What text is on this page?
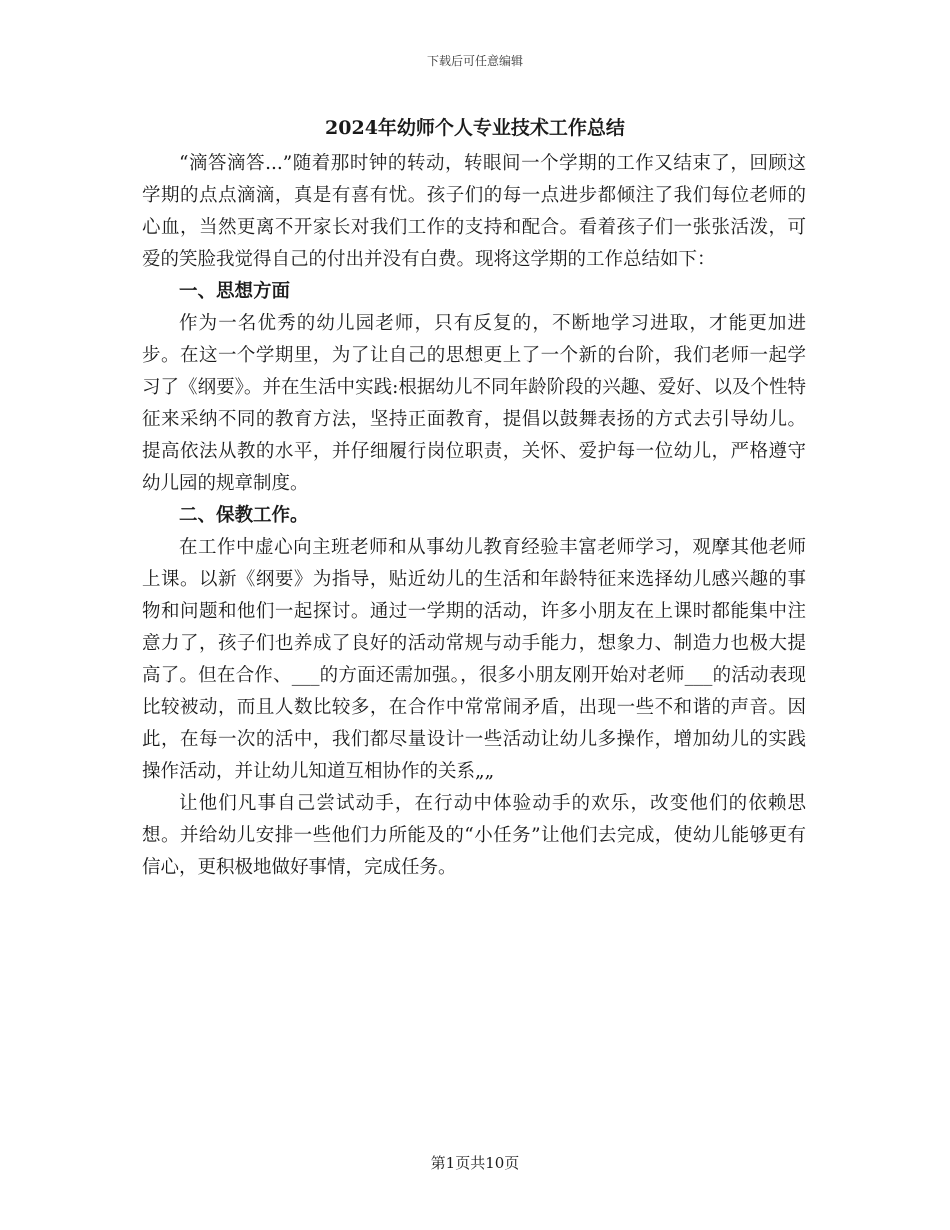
下载后可任意编辑
2024年幼师个人专业技术工作总结

“滴答滴答...”随着那时钟的转动，转眼间一个学期的工作又结束了，回顾这学期的点点滴滴，真是有喜有忧。孩子们的每一点进步都倾注了我们每位老师的心血，当然更离不开家长对我们工作的支持和配合。看着孩子们一张张活泼，可爱的笑脸我觉得自己的付出并没有白费。现将这学期的工作总结如下：

一、思想方面

作为一名优秀的幼儿园老师，只有反复的，不断地学习进取，才能更加进步。在这一个学期里，为了让自己的思想更上了一个新的台阶，我们老师一起学习了《纲要》。并在生活中实践:根据幼儿不同年龄阶段的兴趣、爱好、以及个性特征来采纳不同的教育方法，坚持正面教育，提倡以鼓舞表扬的方式去引导幼儿。提高依法从教的水平，并仔细履行岗位职责，关怀、爱护每一位幼儿，严格遵守幼儿园的规章制度。

二、保教工作。

在工作中虚心向主班老师和从事幼儿教育经验丰富老师学习，观摩其他老师上课。以新《纲要》为指导，贴近幼儿的生活和年龄特征来选择幼儿感兴趣的事物和问题和他们一起探讨。通过一学期的活动，许多小朋友在上课时都能集中注意力了，孩子们也养成了良好的活动常规与动手能力，想象力、制造力也极大提高了。但在合作、___的方面还需加强。，很多小朋友刚开始对老师___的活动表现比较被动，而且人数比较多，在合作中常常闹矛盾，出现一些不和谐的声音。因此，在每一次的活中，我们都尽量设计一些活动让幼儿多操作，增加幼儿的实践操作活动，并让幼儿知道互相协作的关系„„

让他们凡事自己尝试动手，在行动中体验动手的欢乐，改变他们的依赖思想。并给幼儿安排一些他们力所能及的“小任务”让他们去完成，使幼儿能够更有信心，更积极地做好事情，完成任务。

第1页共10页
